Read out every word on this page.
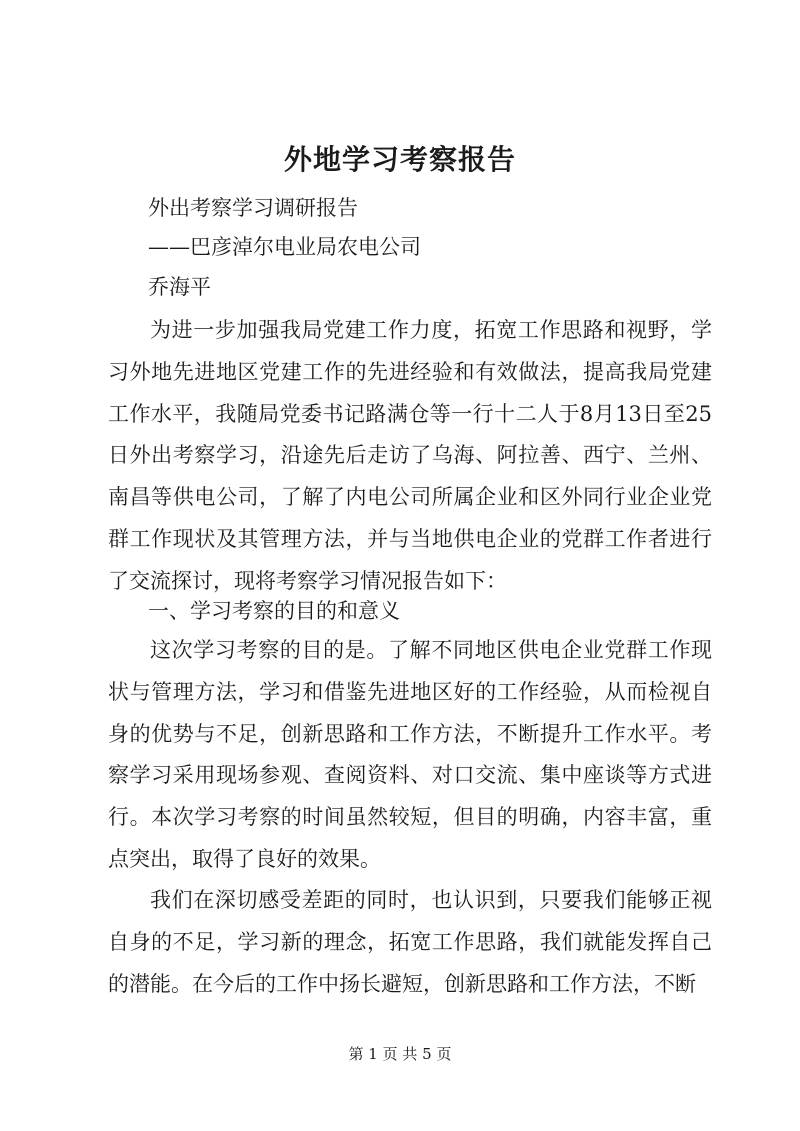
外地学习考察报告

外出考察学习调研报告

——巴彦淖尔电业局农电公司

乔海平

为进一步加强我局党建工作力度，拓宽工作思路和视野，学习外地先进地区党建工作的先进经验和有效做法，提高我局党建工作水平，我随局党委书记路满仓等一行十二人于8月13日至25日外出考察学习，沿途先后走访了乌海、阿拉善、西宁、兰州、南昌等供电公司，了解了内电公司所属企业和区外同行业企业党群工作现状及其管理方法，并与当地供电企业的党群工作者进行了交流探讨，现将考察学习情况报告如下：

一、学习考察的目的和意义

这次学习考察的目的是。了解不同地区供电企业党群工作现状与管理方法，学习和借鉴先进地区好的工作经验，从而检视自身的优势与不足，创新思路和工作方法，不断提升工作水平。考察学习采用现场参观、查阅资料、对口交流、集中座谈等方式进行。本次学习考察的时间虽然较短，但目的明确，内容丰富，重点突出，取得了良好的效果。

我们在深切感受差距的同时，也认识到，只要我们能够正视自身的不足，学习新的理念，拓宽工作思路，我们就能发挥自己的潜能。在今后的工作中扬长避短，创新思路和工作方法，不断

第 1 页 共 5 页
